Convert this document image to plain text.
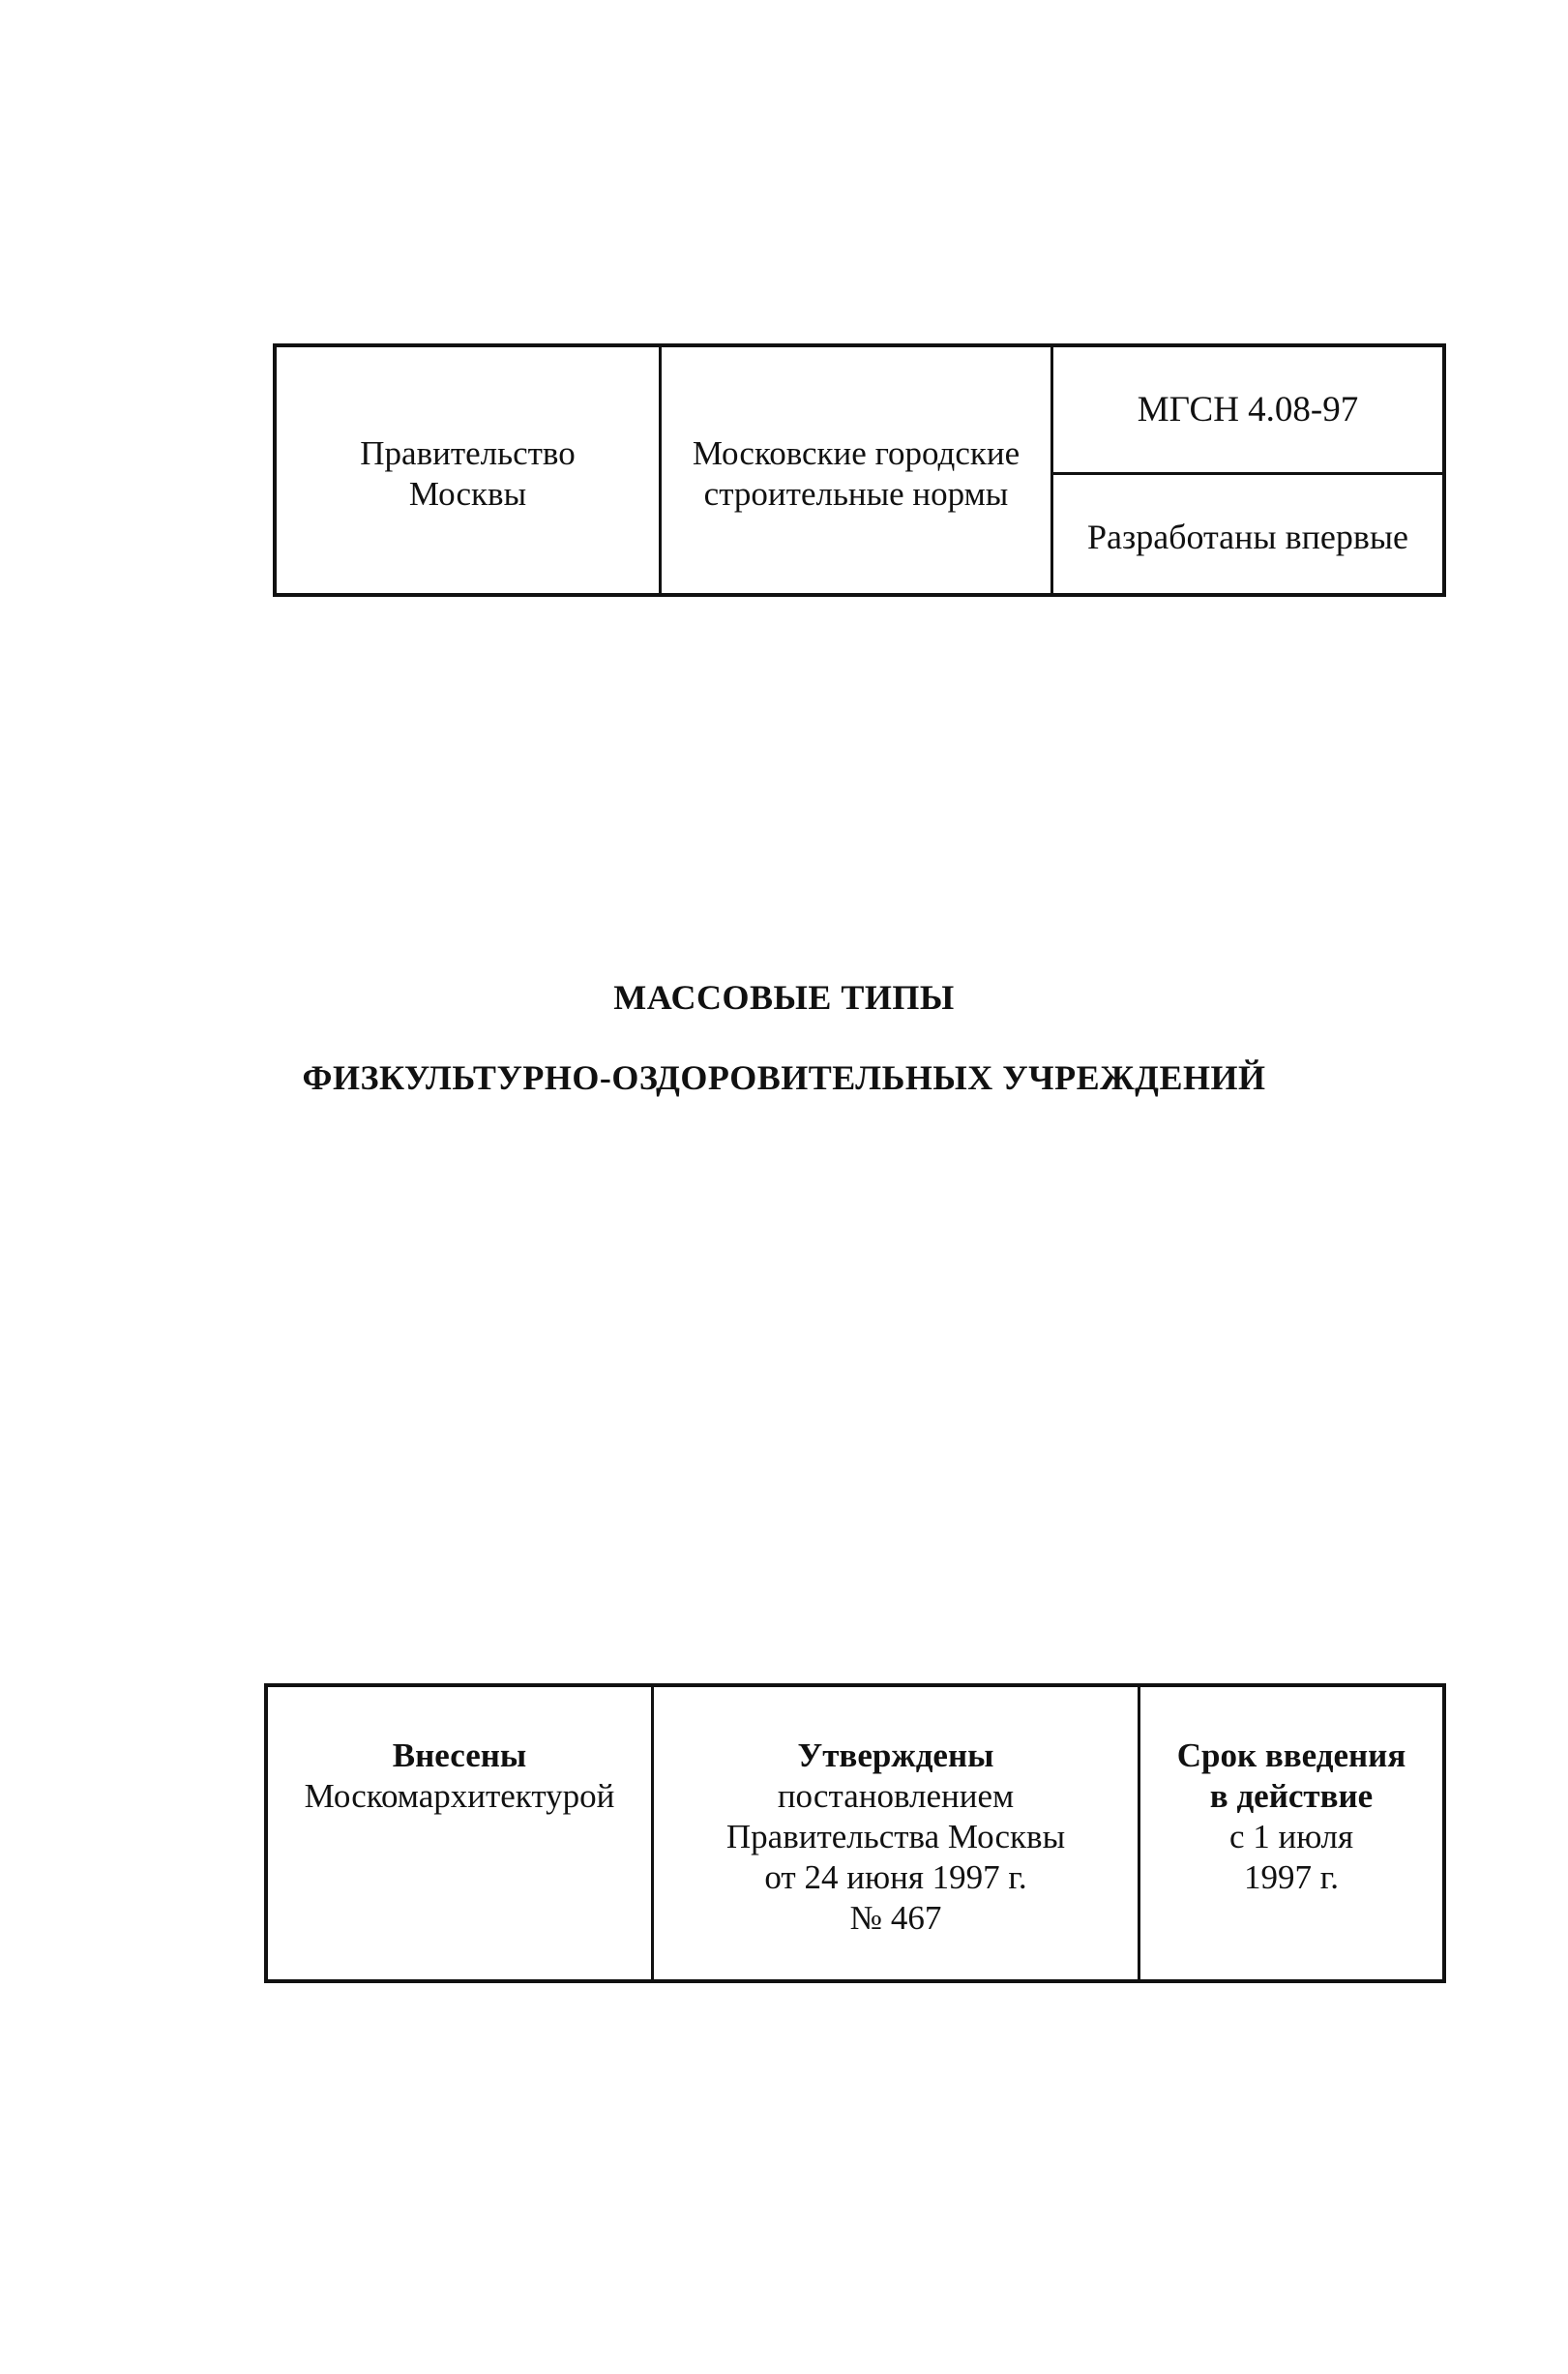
Правительство
Москвы
Московские городские
строительные нормы
МГСН 4.08-97
Разработаны впервые
МАССОВЫЕ ТИПЫ
ФИЗКУЛЬТУРНО-ОЗДОРОВИТЕЛЬНЫХ УЧРЕЖДЕНИЙ
Внесены
Москомархитектурой
Утверждены
постановлением
Правительства Москвы
от 24 июня 1997 г.
№ 467
Срок введения
в действие
с 1 июля
1997 г.
